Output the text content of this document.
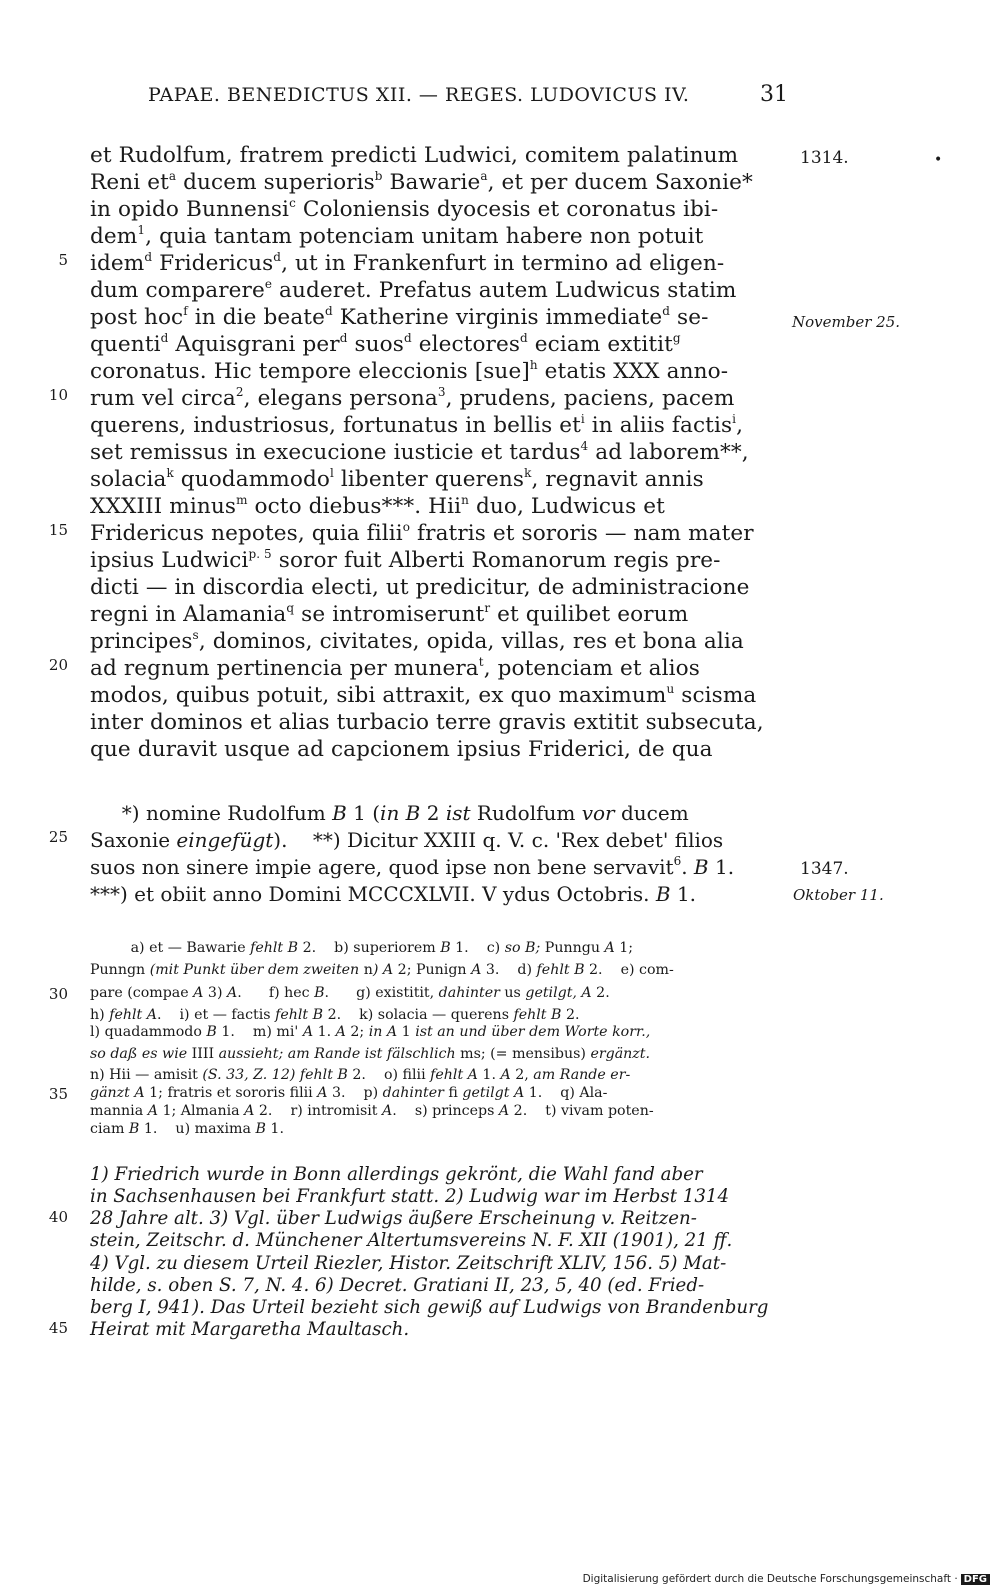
PAPAE. BENEDICTUS XII. — REGES. LUDOVICUS IV.	31
•
et Rudolfum, fratrem predicti Ludwici, comitem palatinum
Reni $et^a$ ducem superioris$^b$ Bawarie$^a$, et per ducem Saxonie*
in opido Bunnensi$^c$ Coloniensis dyocesis et coronatus ibi-
dem$^1$, quia tantam potenciam unitam habere non potuit
5 idem$^d$ Fridericus$^d$, ut in Frankenfurt in termino ad eligen-
dum comparere$^e$ auderet. Prefatus autem Ludwicus statim
post hoc$^f$ in die beate$^d$ Katherine virginis immediate$^d$ se-
quenti$^d$ Aquisgrani per$^d$ suos$^d$ electores$^d$ eciam extitit$^g$
coronatus. Hic tempore eleccionis [sue]$^h$ etatis XXX anno-
10 rum vel circa$^2$, elegans persona$^3$, prudens, paciens, pacem
querens, industriosus, fortunatus in bellis $et^i$ in aliis factis$^i$,
set remissus in execucione iusticie et tardus$^4$ ad laborem**,
solacia$^k$ quodammodo$^l$ libenter querens$^k$, regnavit annis
XXXIII minus$^m$ octo diebus***. Hii$^n$ duo, Ludwicus et
15 Fridericus nepotes, quia filii$^o$ fratris et sororis — nam mater
ipsius Ludwici$^{p. 5}$ soror fuit Alberti Romanorum regis pre-
dicti — in discordia electi, ut predicitur, de administracione
regni in Alamania$^q$ se intromiserunt$^r$ et quilibet eorum
principes$^s$, dominos, civitates, opida, villas, res et bona alia
20 ad regnum pertinencia per munera$^t$, potenciam et alios
modos, quibus potuit, sibi attraxit, ex quo maximum$^u$ scisma
inter dominos et alias turbacio terre gravis extitit subsecuta,
que duravit usque ad capcionem ipsius Friderici, de qua
*) nomine Rudolfum B 1 (in B 2 ist Rudolfum vor ducem
25 Saxonie eingefügt).    **) Dicitur XXIII q. V. c. 'Rex debet' filios
suos non sinere impie agere, quod ipse non bene servavit$^6$. B 1.
***) et obiit anno Domini MCCCXLVII. V ydus Octobris. B 1.
a) et — Bawarie fehlt B 2.    b) superiorem B 1.    c) so B; Punngu A 1;
Punngn (mit Punkt über dem zweiten n) A 2; Punign A 3.    d) fehlt B 2.    e) com-
30 pare (compae A 3) A.      f) hec B.      g) existitit, dahinter us getilgt, A 2.
h) fehlt A.    i) et — factis fehlt B 2.    k) solacia — querens fehlt B 2.
l) quadammodo B 1.    m) mi' A 1. A 2; in A 1 ist an und über dem Worte korr.,
so daß es wie IIII aussieht; am Rande ist fälschlich ms; (= mensibus) ergänzt.
n) Hii — amisit (S. 33, Z. 12) fehlt B 2.    o) filii fehlt A 1. A 2, am Rande er-
35 gänzt A 1; fratris et sororis filii A 3.    p) dahinter fi getilgt A 1.    q) Ala-
mannia A 1; Almania A 2.    r) intromisit A.    s) princeps A 2.    t) vivam poten-
ciam B 1.    u) maxima B 1.
1) Friedrich wurde in Bonn allerdings gekrönt, die Wahl fand aber
in Sachsenhausen bei Frankfurt statt. 2) Ludwig war im Herbst 1314
40 28 Jahre alt. 3) Vgl. über Ludwigs äußere Erscheinung v. Reitzen-
stein, Zeitschr. d. Münchener Altertumsvereins N. F. XII (1901), 21 ff.
4) Vgl. zu diesem Urteil Riezler, Histor. Zeitschrift XLIV, 156. 5) Mat-
hilde, s. oben S. 7, N. 4. 6) Decret. Gratiani II, 23, 5, 40 (ed. Fried-
berg I, 941). Das Urteil bezieht sich gewiß auf Ludwigs von Brandenburg
45 Heirat mit Margaretha Maultasch.
1314.
November 25.
1347.
Oktober 11.
Digitalisierung gefördert durch die Deutsche Forschungsgemeinschaft · DFG
